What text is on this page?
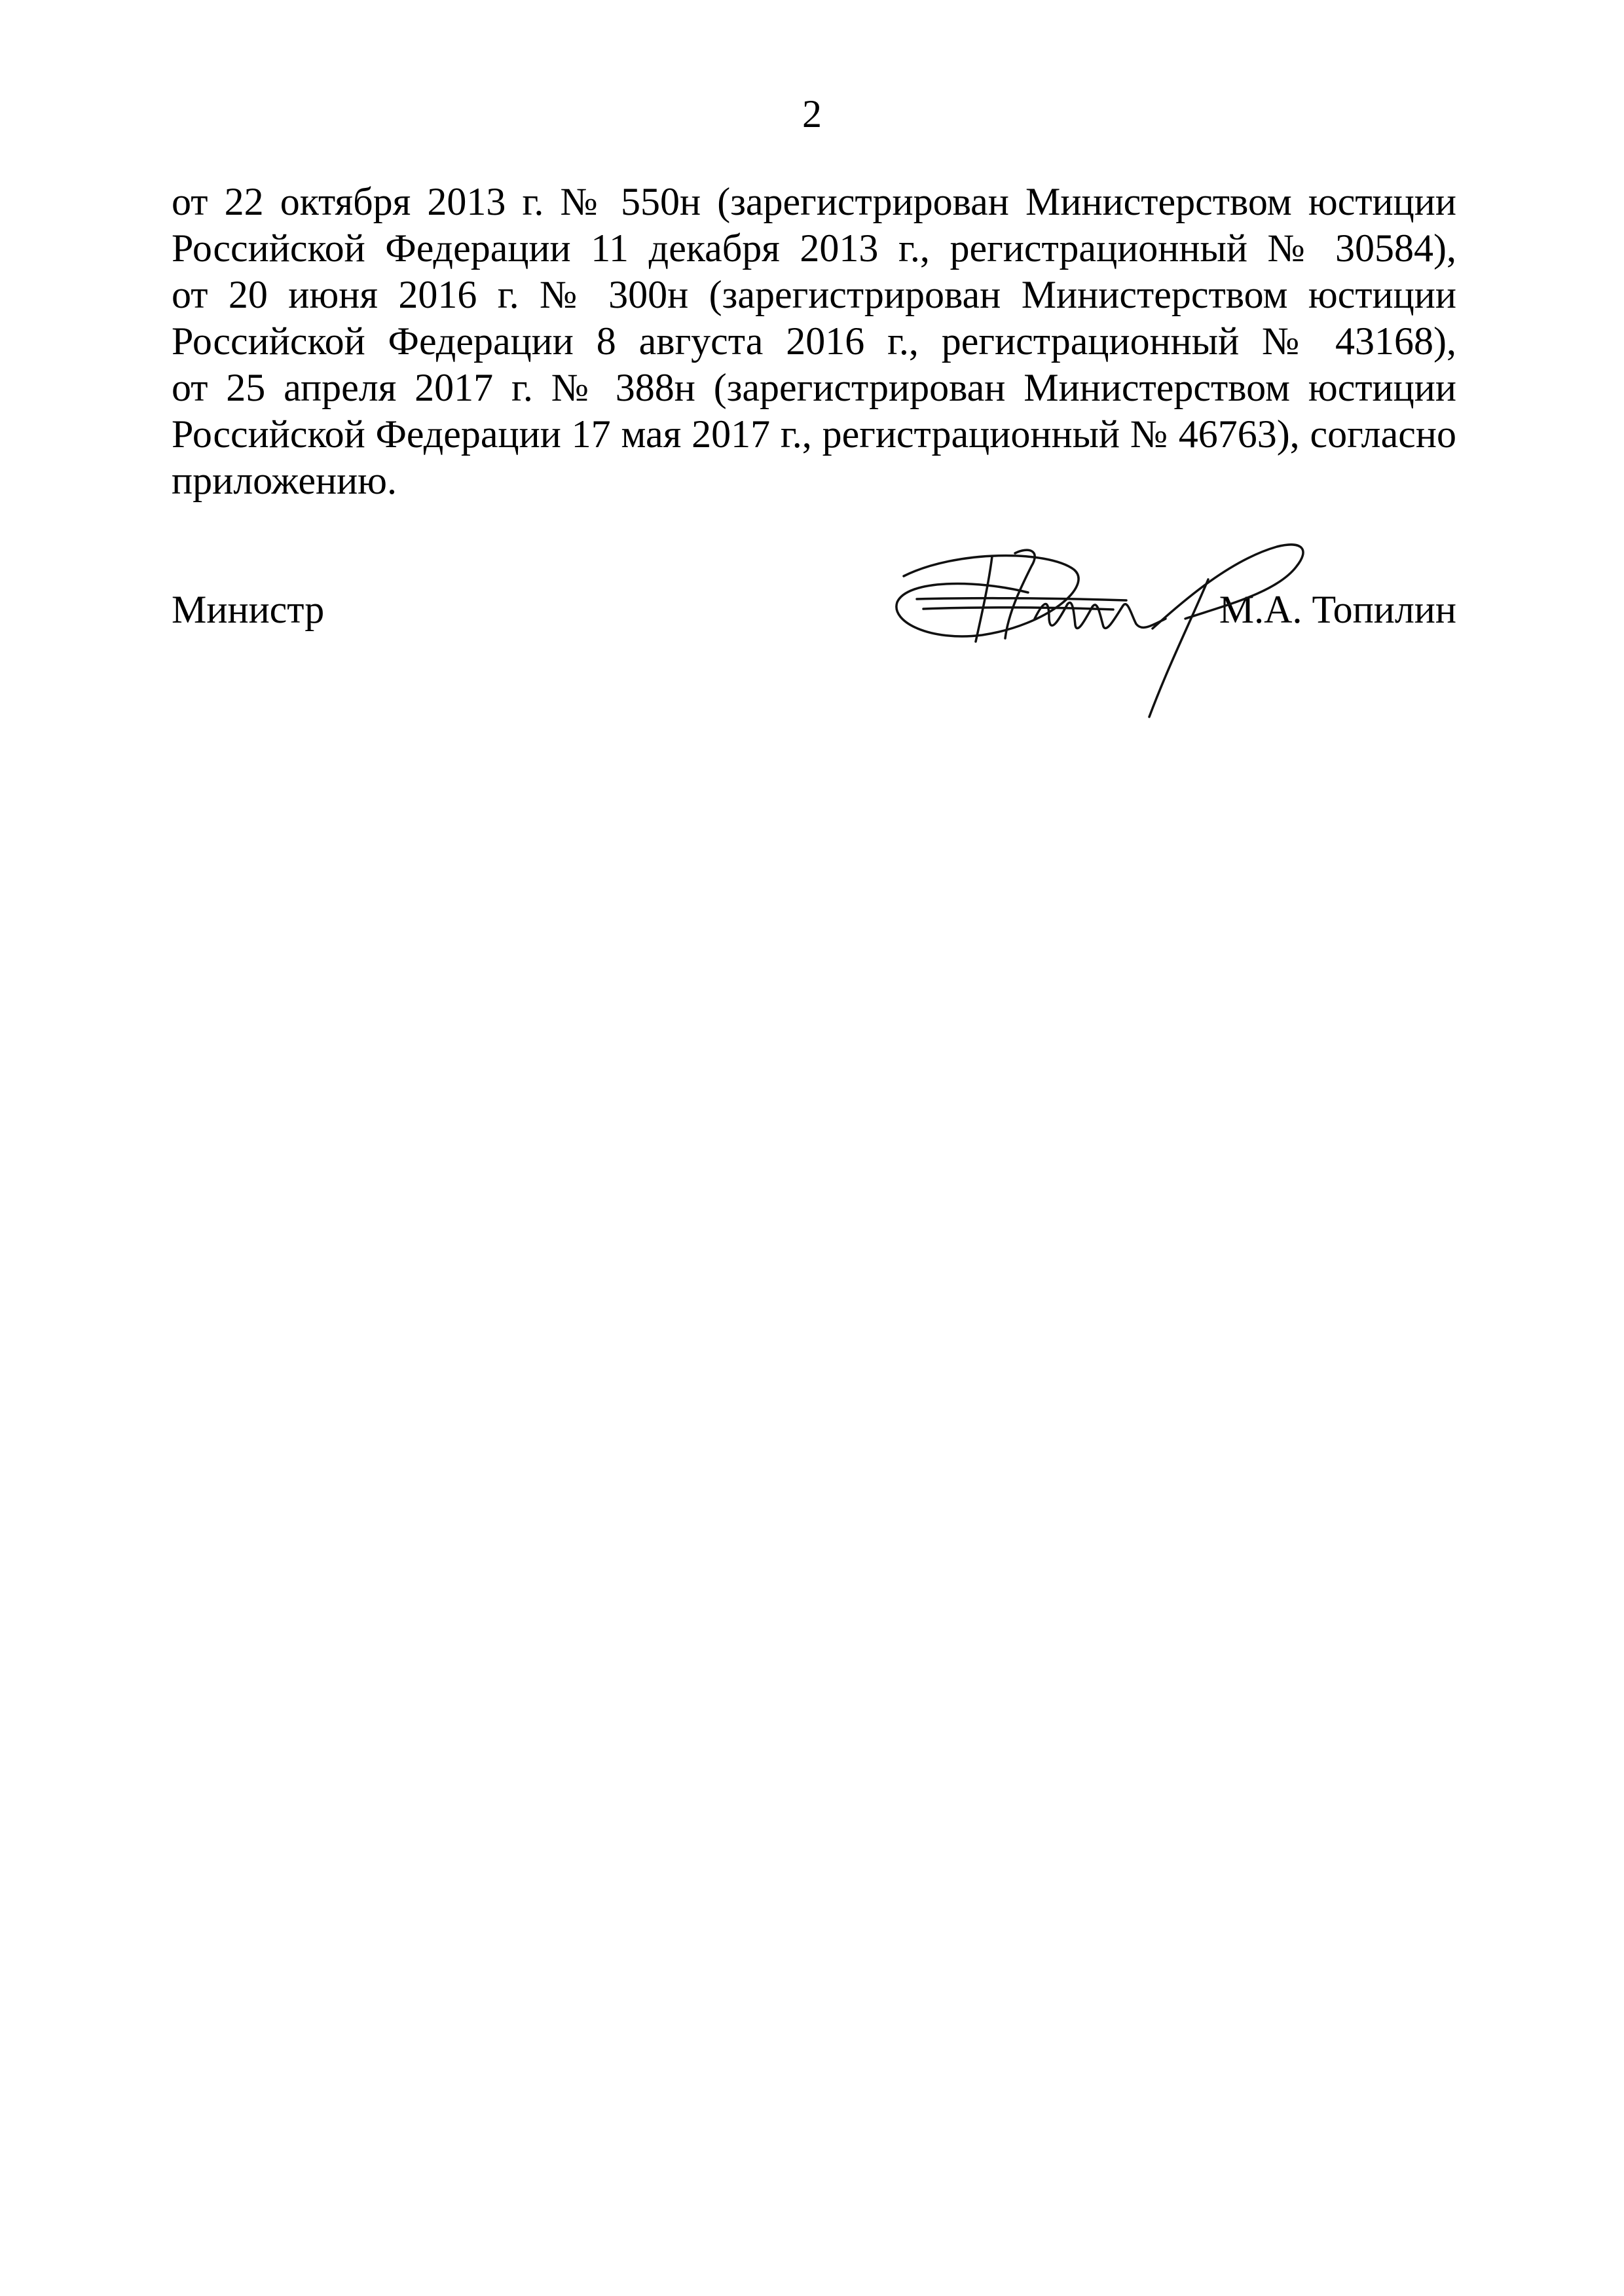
2
от 22 октября 2013 г. № 550н (зарегистрирован Министерством юстиции
Российской Федерации 11 декабря 2013 г., регистрационный № 30584),
от 20 июня 2016 г. № 300н (зарегистрирован Министерством юстиции
Российской Федерации 8 августа 2016 г., регистрационный № 43168),
от 25 апреля 2017 г. № 388н (зарегистрирован Министерством юстиции
Российской Федерации 17 мая 2017 г., регистрационный № 46763), согласно
приложению.
Министр	М.А. Топилин
